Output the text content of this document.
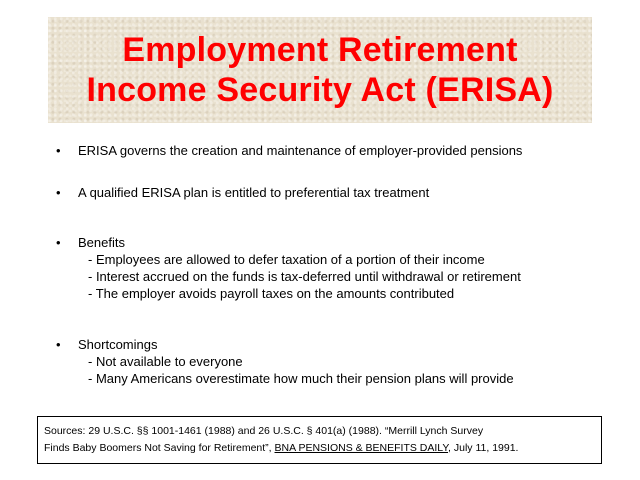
Employment Retirement
Income Security Act (ERISA)
•	ERISA governs the creation and maintenance of employer-provided pensions
•	A qualified ERISA plan is entitled to preferential tax treatment
•	Benefits
- Employees are allowed to defer taxation of a portion of their income
- Interest accrued on the funds is tax-deferred until withdrawal or retirement
- The employer avoids payroll taxes on the amounts contributed
•	Shortcomings
- Not available to everyone
- Many Americans overestimate how much their pension plans will provide
Sources: 29 U.S.C. §§ 1001-1461 (1988) and 26 U.S.C. § 401(a) (1988). “Merrill Lynch Survey
Finds Baby Boomers Not Saving for Retirement”, BNA PENSIONS & BENEFITS DAILY, July 11, 1991.
